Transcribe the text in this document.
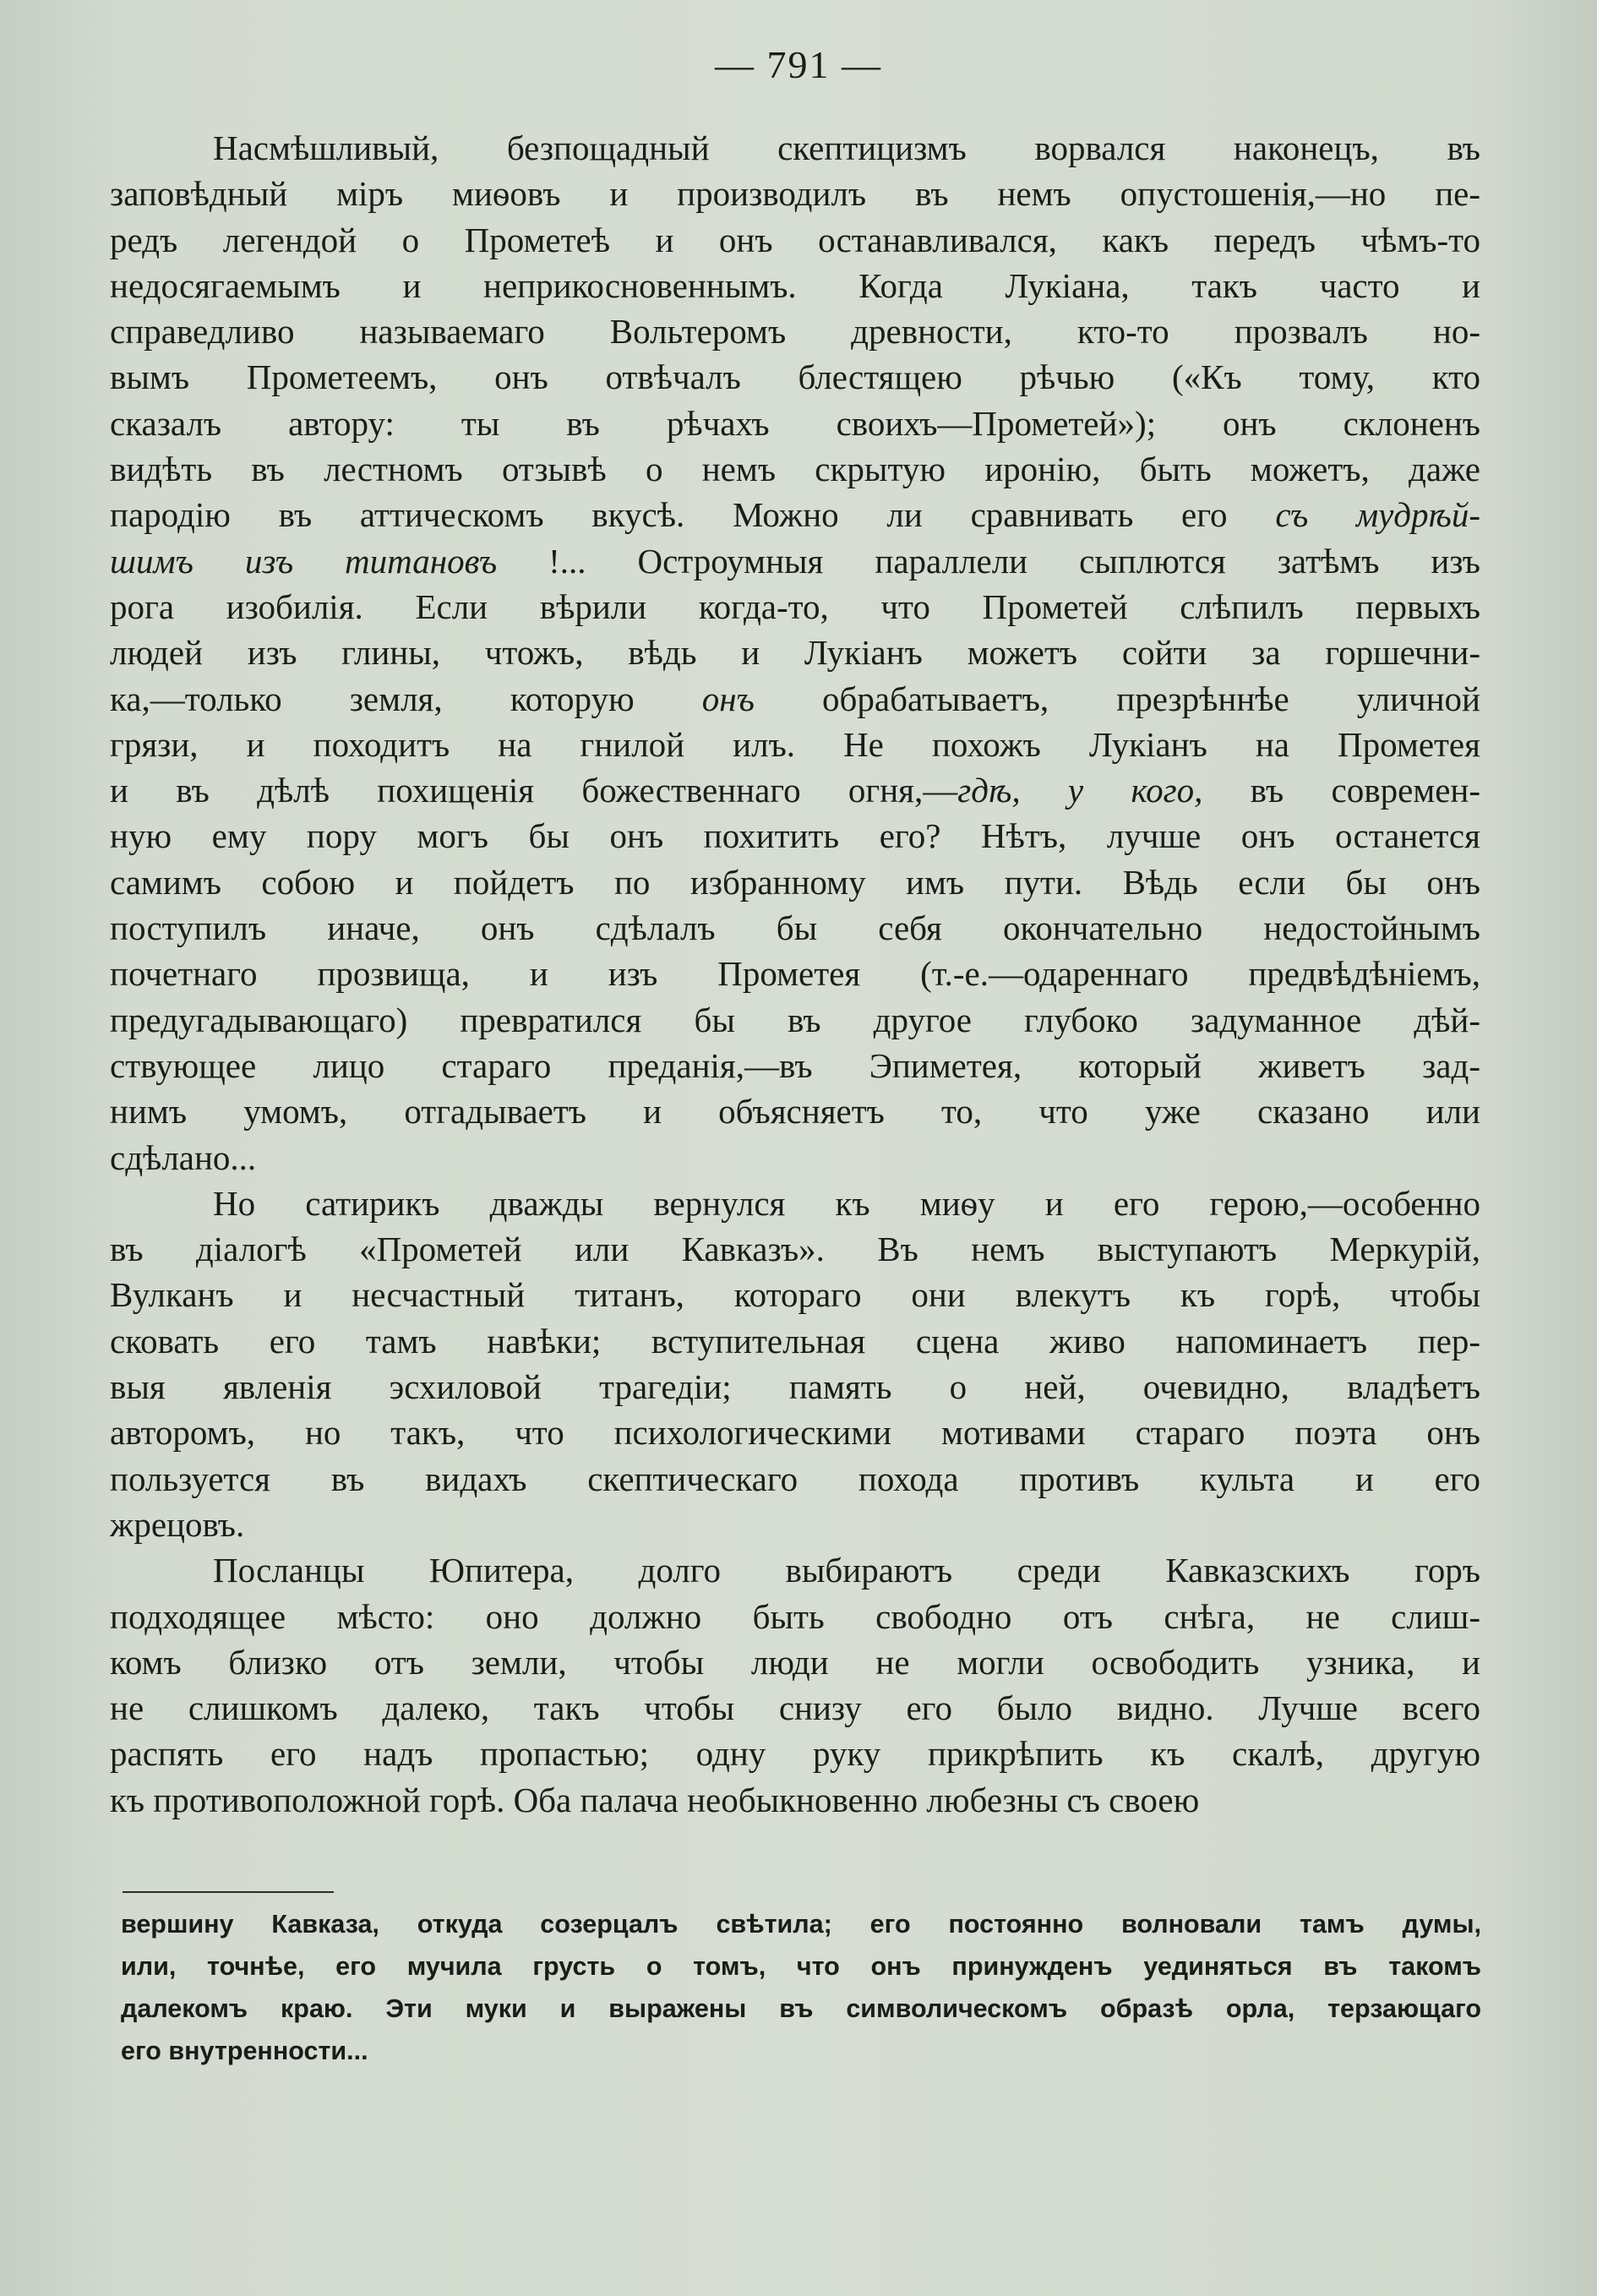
— 791 —
Насмѣшливый, безпощадный скептицизмъ ворвался наконецъ, въ
заповѣдный міръ миѳовъ и производилъ въ немъ опустошенія,—но пе-
редъ легендой о Прометеѣ и онъ останавливался, какъ передъ чѣмъ-то
недосягаемымъ и неприкосновеннымъ. Когда Лукіана, такъ часто и
справедливо называемаго Вольтеромъ древности, кто-то прозвалъ но-
вымъ Прометеемъ, онъ отвѣчалъ блестящею рѣчью («Къ тому, кто
сказалъ автору: ты въ рѣчахъ своихъ—Прометей»); онъ склоненъ
видѣть въ лестномъ отзывѣ о немъ скрытую иронію, быть можетъ, даже
пародію въ аттическомъ вкусѣ. Можно ли сравнивать его съ мудрѣй-
шимъ изъ титановъ !... Остроумныя параллели сыплются затѣмъ изъ
рога изобилія. Если вѣрили когда-то, что Прометей слѣпилъ первыхъ
людей изъ глины, чтожъ, вѣдь и Лукіанъ можетъ сойти за горшечни-
ка,—только земля, которую онъ обрабатываетъ, презрѣннѣе уличной
грязи, и походитъ на гнилой илъ. Не похожъ Лукіанъ на Прометея
и въ дѣлѣ похищенія божественнаго огня,—гдѣ, у кого, въ современ-
ную ему пору могъ бы онъ похитить его? Нѣтъ, лучше онъ останется
самимъ собою и пойдетъ по избранному имъ пути. Вѣдь если бы онъ
поступилъ иначе, онъ сдѣлалъ бы себя окончательно недостойнымъ
почетнаго прозвища, и изъ Прометея (т.-е.—одареннаго предвѣдѣніемъ,
предугадывающаго) превратился бы въ другое глубоко задуманное дѣй-
ствующее лицо стараго преданія,—въ Эпиметея, который живетъ зад-
нимъ умомъ, отгадываетъ и объясняетъ то, что уже сказано или
сдѣлано...
Но сатирикъ дважды вернулся къ миѳу и его герою,—особенно
въ діалогѣ «Прометей или Кавказъ». Въ немъ выступаютъ Меркурій,
Вулканъ и несчастный титанъ, котораго они влекутъ къ горѣ, чтобы
сковать его тамъ навѣки; вступительная сцена живо напоминаетъ пер-
выя явленія эсхиловой трагедіи; память о ней, очевидно, владѣетъ
авторомъ, но такъ, что психологическими мотивами стараго поэта онъ
пользуется въ видахъ скептическаго похода противъ культа и его
жрецовъ.
Посланцы Юпитера, долго выбираютъ среди Кавказскихъ горъ
подходящее мѣсто: оно должно быть свободно отъ снѣга, не слиш-
комъ близко отъ земли, чтобы люди не могли освободить узника, и
не слишкомъ далеко, такъ чтобы снизу его было видно. Лучше всего
распять его надъ пропастью; одну руку прикрѣпить къ скалѣ, другую
къ противоположной горѣ. Оба палача необыкновенно любезны съ своею
вершину Кавказа, откуда созерцалъ свѣтила; его постоянно волновали тамъ думы,
или, точнѣе, его мучила грусть о томъ, что онъ принужденъ уединяться въ такомъ
далекомъ краю. Эти муки и выражены въ символическомъ образѣ орла, терзающаго
его внутренности...
